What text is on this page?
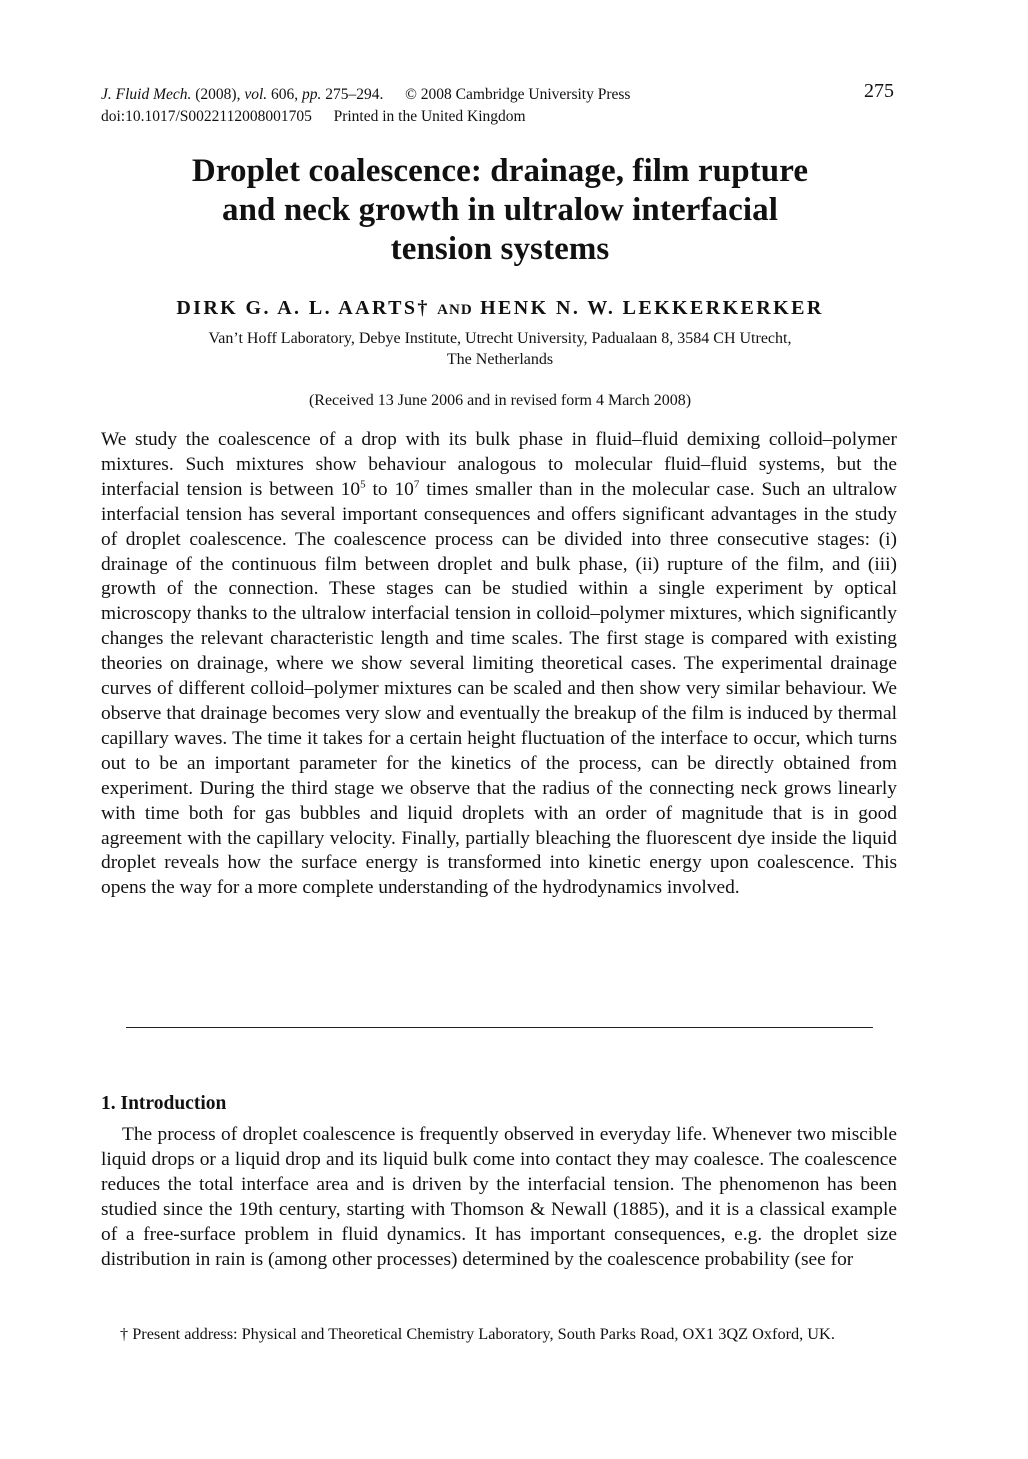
J. Fluid Mech. (2008), vol. 606, pp. 275–294. © 2008 Cambridge University Press
doi:10.1017/S0022112008001705 Printed in the United Kingdom
275
Droplet coalescence: drainage, film rupture
and neck growth in ultralow interfacial
tension systems
DIRK G. A. L. AARTS† AND HENK N. W. LEKKERKERKER
Van’t Hoff Laboratory, Debye Institute, Utrecht University, Padualaan 8, 3584 CH Utrecht,
The Netherlands
(Received 13 June 2006 and in revised form 4 March 2008)

We study the coalescence of a drop with its bulk phase in fluid–fluid demixing colloid–polymer mixtures. Such mixtures show behaviour analogous to molecular fluid–fluid systems, but the interfacial tension is between $10^5$ to $10^7$ times smaller than in the molecular case. Such an ultralow interfacial tension has several important consequences and offers significant advantages in the study of droplet coalescence. The coalescence process can be divided into three consecutive stages: (i) drainage of the continuous film between droplet and bulk phase, (ii) rupture of the film, and (iii) growth of the connection. These stages can be studied within a single experiment by optical microscopy thanks to the ultralow interfacial tension in colloid–polymer mixtures, which significantly changes the relevant characteristic length and time scales. The first stage is compared with existing theories on drainage, where we show several limiting theoretical cases. The experimental drainage curves of different colloid–polymer mixtures can be scaled and then show very similar behaviour. We observe that drainage becomes very slow and eventually the breakup of the film is induced by thermal capillary waves. The time it takes for a certain height fluctuation of the interface to occur, which turns out to be an important parameter for the kinetics of the process, can be directly obtained from experiment. During the third stage we observe that the radius of the connecting neck grows linearly with time both for gas bubbles and liquid droplets with an order of magnitude that is in good agreement with the capillary velocity. Finally, partially bleaching the fluorescent dye inside the liquid droplet reveals how the surface energy is transformed into kinetic energy upon coalescence. This opens the way for a more complete understanding of the hydrodynamics involved.

1. Introduction

The process of droplet coalescence is frequently observed in everyday life. Whenever two miscible liquid drops or a liquid drop and its liquid bulk come into contact they may coalesce. The coalescence reduces the total interface area and is driven by the interfacial tension. The phenomenon has been studied since the 19th century, starting with Thomson & Newall (1885), and it is a classical example of a free-surface problem in fluid dynamics. It has important consequences, e.g. the droplet size distribution in rain is (among other processes) determined by the coalescence probability (see for

† Present address: Physical and Theoretical Chemistry Laboratory, South Parks Road, OX1 3QZ Oxford, UK.
